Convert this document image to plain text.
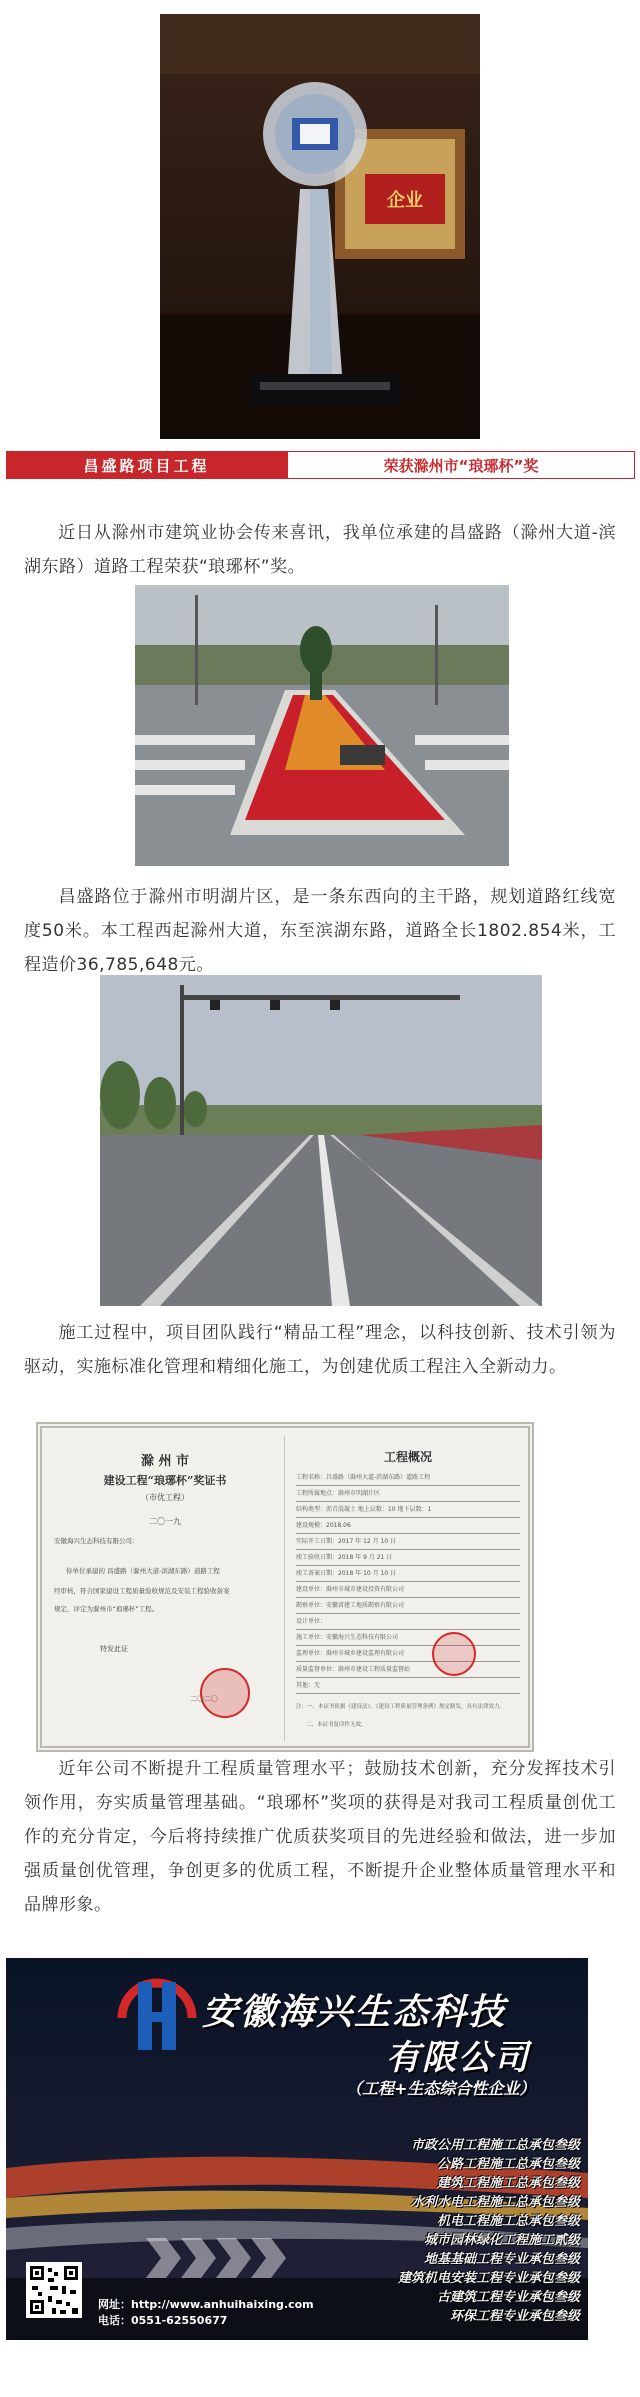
企业
昌盛路项目工程	荣获滁州市“琅琊杯”奖
近日从滁州市建筑业协会传来喜讯，我单位承建的昌盛路（滁州大道-滨湖东路）道路工程荣获“琅琊杯”奖。
昌盛路位于滁州市明湖片区，是一条东西向的主干路，规划道路红线宽度50米。本工程西起滁州大道，东至滨湖东路，道路全长1802.854米，工程造价36,785,648元。
施工过程中，项目团队践行“精品工程”理念，以科技创新、技术引领为驱动，实施标准化管理和精细化施工，为创建优质工程注入全新动力。
滁 州 市
建设工程“琅琊杯”奖证书
（市优工程）
二〇一九
安徽海兴生态科技有限公司：
你单位承建的 昌盛路（滁州大道-滨湖东路）道路工程
经审核，符合国家建设工程质量验收规范及安装工程验收备案
规定，评定为滁州市“琅琊杯”工程。
特发此证
二〇二〇
工程概况
工程名称：昌盛路（滁州大道-滨湖东路）道路工程
工程所属地点：滁州市明湖片区
结构类型：沥青混凝土 地上层数：10 地下层数：1
建设规模：2018.06
实际开工日期：2017 年 12 月 10 日
竣工验收日期：2018 年 9 月 21 日
竣工备案日期：2018 年 10 月 10 日
建设单位：滁州市城市建设投资有限公司
勘察单位：安徽省建工地质勘察有限公司
设计单位：
施工单位：安徽海兴生态科技有限公司
监理单位：滁州市城乡建设监理有限公司
质量监督单位：滁州市建设工程质量监督站
其他：无
注：一、本证书依据《建设法》、《建设工程质量管理条例》规定制发，具有法律效力。
二、本证书复印件无效。
近年公司不断提升工程质量管理水平；鼓励技术创新，充分发挥技术引领作用，夯实质量管理基础。“琅琊杯”奖项的获得是对我司工程质量创优工作的充分肯定，今后将持续推广优质获奖项目的先进经验和做法，进一步加强质量创优管理，争创更多的优质工程，不断提升企业整体质量管理水平和品牌形象。
安徽海兴生态科技
有限公司
（工程+生态综合性企业）
市政公用工程施工总承包叁级
公路工程施工总承包叁级
建筑工程施工总承包叁级
水利水电工程施工总承包叁级
机电工程施工总承包叁级
城市园林绿化工程施工贰级
地基基础工程专业承包叁级
建筑机电安装工程专业承包叁级
古建筑工程专业承包叁级
环保工程专业承包叁级
网址：http://www.anhuihaixing.com
电话：0551-62550677
